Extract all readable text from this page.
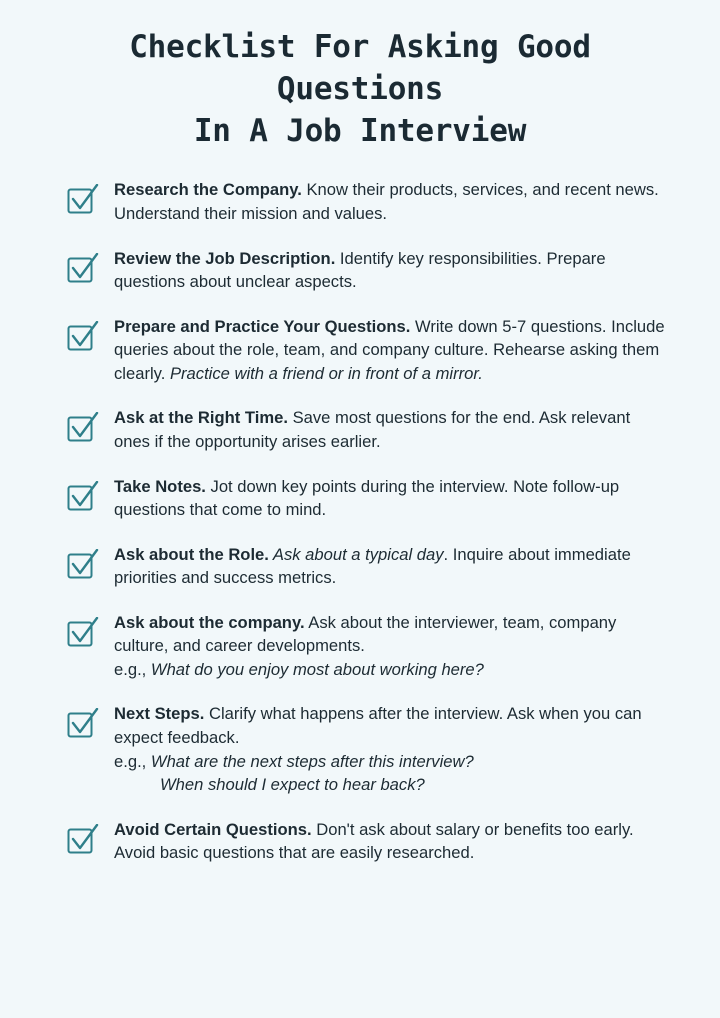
Checklist For Asking Good Questions
In A Job Interview
Research the Company. Know their products, services, and recent news. Understand their mission and values.
Review the Job Description. Identify key responsibilities. Prepare questions about unclear aspects.
Prepare and Practice Your Questions. Write down 5-7 questions. Include queries about the role, team, and company culture. Rehearse asking them clearly. Practice with a friend or in front of a mirror.
Ask at the Right Time. Save most questions for the end. Ask relevant ones if the opportunity arises earlier.
Take Notes. Jot down key points during the interview. Note follow-up questions that come to mind.
Ask about the Role. Ask about a typical day. Inquire about immediate priorities and success metrics.
Ask about the company. Ask about the interviewer, team, company culture, and career developments.
e.g., What do you enjoy most about working here?
Next Steps. Clarify what happens after the interview. Ask when you can expect feedback.
e.g., What are the next steps after this interview?
When should I expect to hear back?
Avoid Certain Questions. Don't ask about salary or benefits too early. Avoid basic questions that are easily researched.
